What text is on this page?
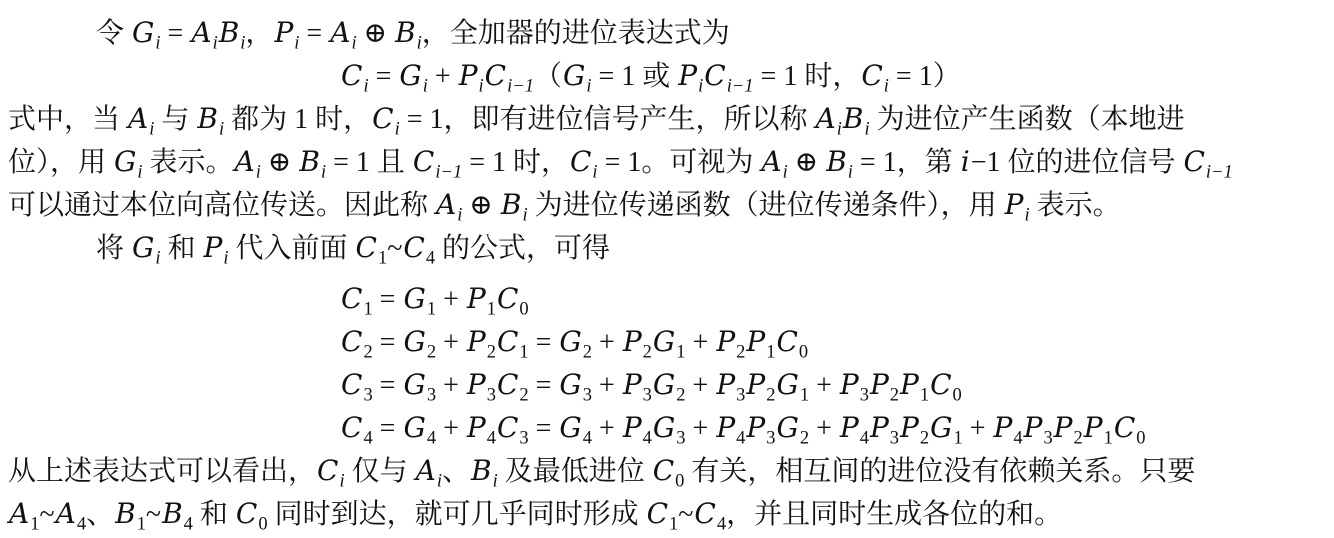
令 $G_i = A_iB_i$，$P_i = A_i$ ⊕ $B_i$，全加器的进位表达式为
$C_i = G_i + P_iC_{i-1}(G_i = 1$ 或 $P_iC_{i-1} = 1$ 时，$C_i = 1$）
式中，当 $A_i$ 与 $B_i$ 都为 1 时，$C_i = 1$，即有进位信号产生，所以称 $A_iB_i$ 为进位产生函数（本地进
位），用 $G_i$ 表示。$A_i$ ⊕ $B_i = 1$ 且 $C_{i-1} = 1$ 时，$C_i = 1$。可视为 $A_i$ ⊕ $B_i = 1$，第 i−1 位的进位信号 $C_{i-1}$
可以通过本位向高位传送。因此称 $A_i$ ⊕ $B_i$ 为进位传递函数（进位传递条件），用 $P_i$ 表示。
将 $G_i$ 和 $P_i$ 代入前面 $C_1\sim C_4$ 的公式，可得
$C_1 = G_1 + P_1C_0$
$C_2 = G_2 + P_2C_1 = G_2 + P_2G_1 + P_2P_1C_0$
$C_3 = G_3 + P_3C_2 = G_3 + P_3G_2 + P_3P_2G_1 + P_3P_2P_1C_0$
$C_4 = G_4 + P_4C_3 = G_4 + P_4G_3 + P_4P_3G_2 + P_4P_3P_2G_1 + P_4P_3P_2P_1C_0$
从上述表达式可以看出，$C_i$ 仅与 $A_i$、$B_i$ 及最低进位 $C_0$ 有关，相互间的进位没有依赖关系。只要
$A_1\sim A_4$、$B_1\sim B_4$ 和 $C_0$ 同时到达，就可几乎同时形成 $C_1\sim C_4$，并且同时生成各位的和。
